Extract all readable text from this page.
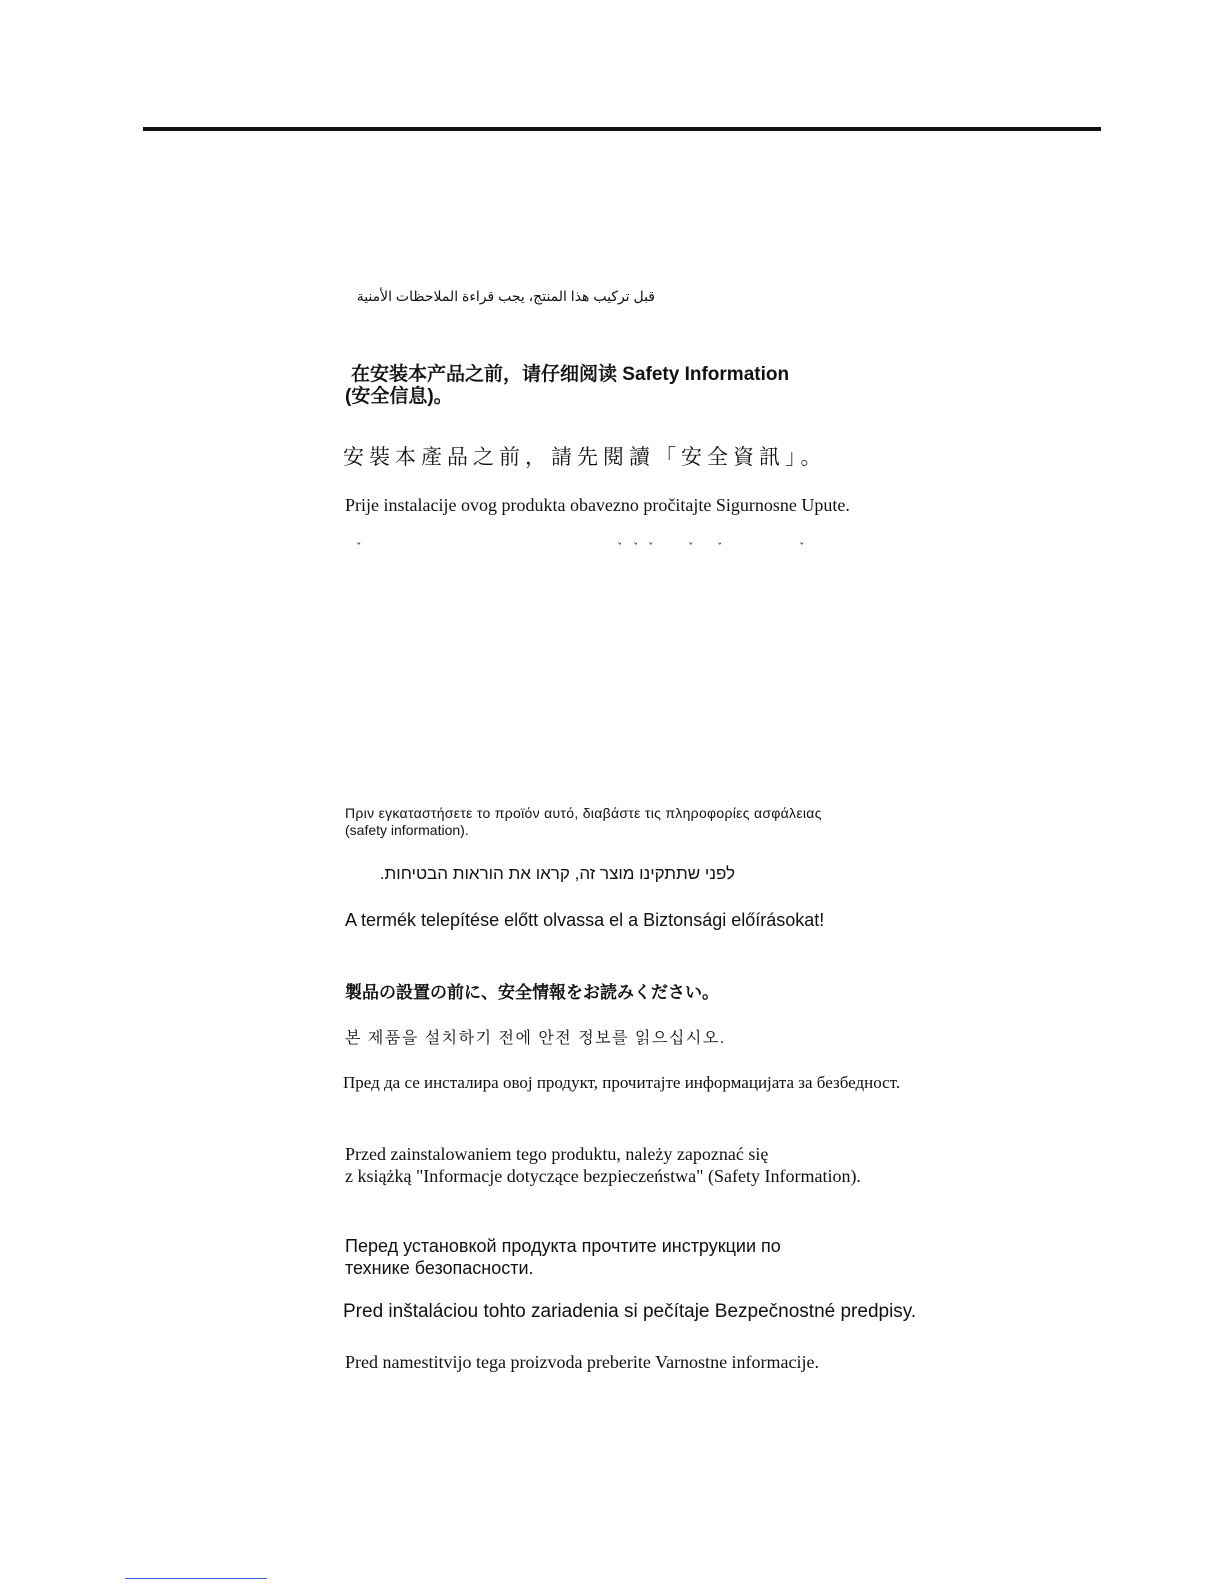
قبل تركيب هذا المنتج، يجب قراءة الملاحظات الأمنية

在安装本产品之前，请仔细阅读 Safety Information

(安全信息)。

安裝本產品之前，請先閱讀「安全資訊」。

Prije instalacije ovog produkta obavezno pročitajte Sigurnosne Upute.

ˇ	ˇ ˇ ˇ	ˇ ˇ	ˇ

Πριν εγκαταστήσετε το προϊόν αυτό, διαβάστε τις πληροφορίες ασφάλειας

(safety information).

לפני שתתקינו מוצר זה, קראו את הוראות הבטיחות.

A termék telepítése előtt olvassa el a Biztonsági előírásokat!

製品の設置の前に、安全情報をお読みください。

본 제품을 설치하기 전에 안전 정보를 읽으십시오.

Пред да се инсталира овој продукт, прочитајте информацијата за безбедност.

Przed zainstalowaniem tego produktu, należy zapoznać się

z książką "Informacje dotyczące bezpieczeństwa" (Safety Information).

Перед установкой продукта прочтите инструкции по

технике безопасности.

Pred inštaláciou tohto zariadenia si pečítaje Bezpečnostné predpisy.

Pred namestitvijo tega proizvoda preberite Varnostne informacije.
